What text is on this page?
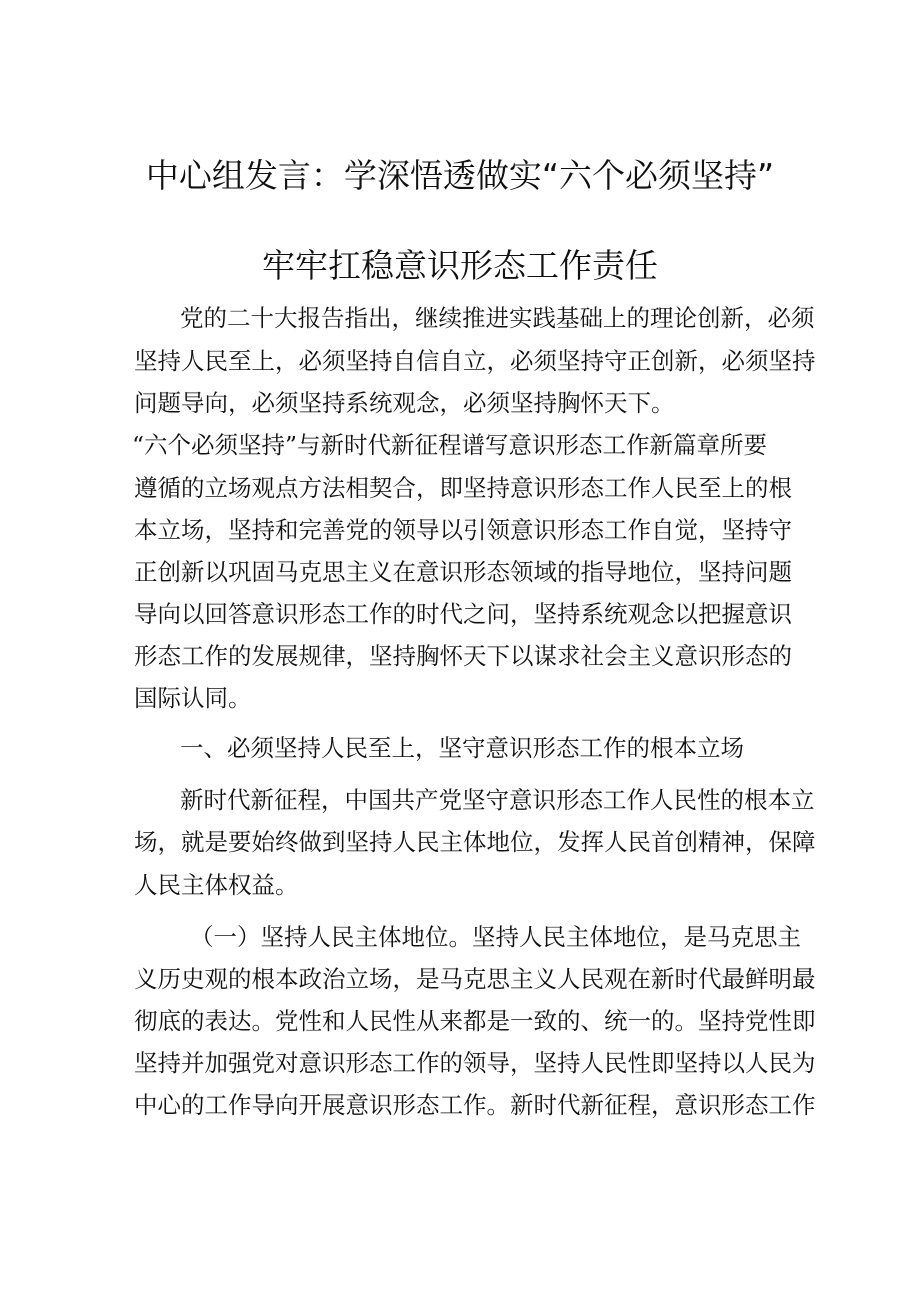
中心组发言：学深悟透做实“六个必须坚持”
牢牢扛稳意识形态工作责任

党的二十大报告指出，继续推进实践基础上的理论创新，必须

坚持人民至上，必须坚持自信自立，必须坚持守正创新，必须坚持

问题导向，必须坚持系统观念，必须坚持胸怀天下。

“六个必须坚持”与新时代新征程谱写意识形态工作新篇章所要

遵循的立场观点方法相契合，即坚持意识形态工作人民至上的根

本立场，坚持和完善党的领导以引领意识形态工作自觉，坚持守

正创新以巩固马克思主义在意识形态领域的指导地位，坚持问题

导向以回答意识形态工作的时代之问，坚持系统观念以把握意识

形态工作的发展规律，坚持胸怀天下以谋求社会主义意识形态的

国际认同。

一、必须坚持人民至上，坚守意识形态工作的根本立场

新时代新征程，中国共产党坚守意识形态工作人民性的根本立

场，就是要始终做到坚持人民主体地位，发挥人民首创精神，保障

人民主体权益。

（一）坚持人民主体地位。坚持人民主体地位，是马克思主

义历史观的根本政治立场，是马克思主义人民观在新时代最鲜明最

彻底的表达。党性和人民性从来都是一致的、统一的。坚持党性即

坚持并加强党对意识形态工作的领导，坚持人民性即坚持以人民为

中心的工作导向开展意识形态工作。新时代新征程，意识形态工作
